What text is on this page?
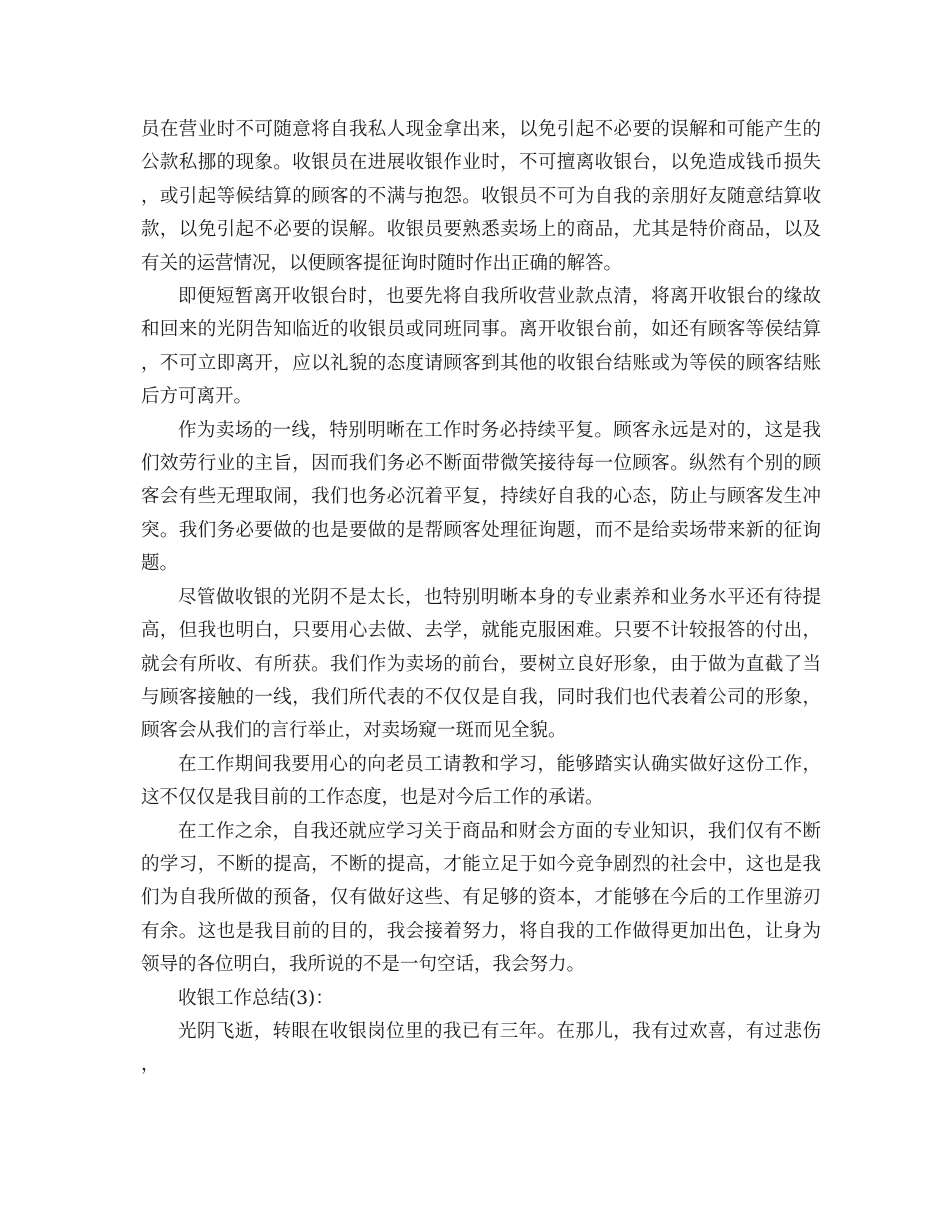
员在营业时不可随意将自我私人现金拿出来，以免引起不必要的误解和可能产生的公款私挪的现象。收银员在进展收银作业时，不可擅离收银台，以免造成钱币损失，或引起等候结算的顾客的不满与抱怨。收银员不可为自我的亲朋好友随意结算收款，以免引起不必要的误解。收银员要熟悉卖场上的商品，尤其是特价商品，以及有关的运营情况，以便顾客提征询时随时作出正确的解答。

即便短暂离开收银台时，也要先将自我所收营业款点清，将离开收银台的缘故和回来的光阴告知临近的收银员或同班同事。离开收银台前，如还有顾客等侯结算，不可立即离开，应以礼貌的态度请顾客到其他的收银台结账或为等侯的顾客结账后方可离开。

作为卖场的一线，特别明晰在工作时务必持续平复。顾客永远是对的，这是我们效劳行业的主旨，因而我们务必不断面带微笑接待每一位顾客。纵然有个别的顾客会有些无理取闹，我们也务必沉着平复，持续好自我的心态，防止与顾客发生冲突。我们务必要做的也是要做的是帮顾客处理征询题，而不是给卖场带来新的征询题。

尽管做收银的光阴不是太长，也特别明晰本身的专业素养和业务水平还有待提高，但我也明白，只要用心去做、去学，就能克服困难。只要不计较报答的付出，就会有所收、有所获。我们作为卖场的前台，要树立良好形象，由于做为直截了当与顾客接触的一线，我们所代表的不仅仅是自我，同时我们也代表着公司的形象，顾客会从我们的言行举止，对卖场窥一斑而见全貌。

在工作期间我要用心的向老员工请教和学习，能够踏实认确实做好这份工作，这不仅仅是我目前的工作态度，也是对今后工作的承诺。

在工作之余，自我还就应学习关于商品和财会方面的专业知识，我们仅有不断的学习，不断的提高，不断的提高，才能立足于如今竞争剧烈的社会中，这也是我们为自我所做的预备，仅有做好这些、有足够的资本，才能够在今后的工作里游刃有余。这也是我目前的目的，我会接着努力，将自我的工作做得更加出色，让身为领导的各位明白，我所说的不是一句空话，我会努力。

收银工作总结(3)：

光阴飞逝，转眼在收银岗位里的我已有三年。在那儿，我有过欢喜，有过悲伤，
